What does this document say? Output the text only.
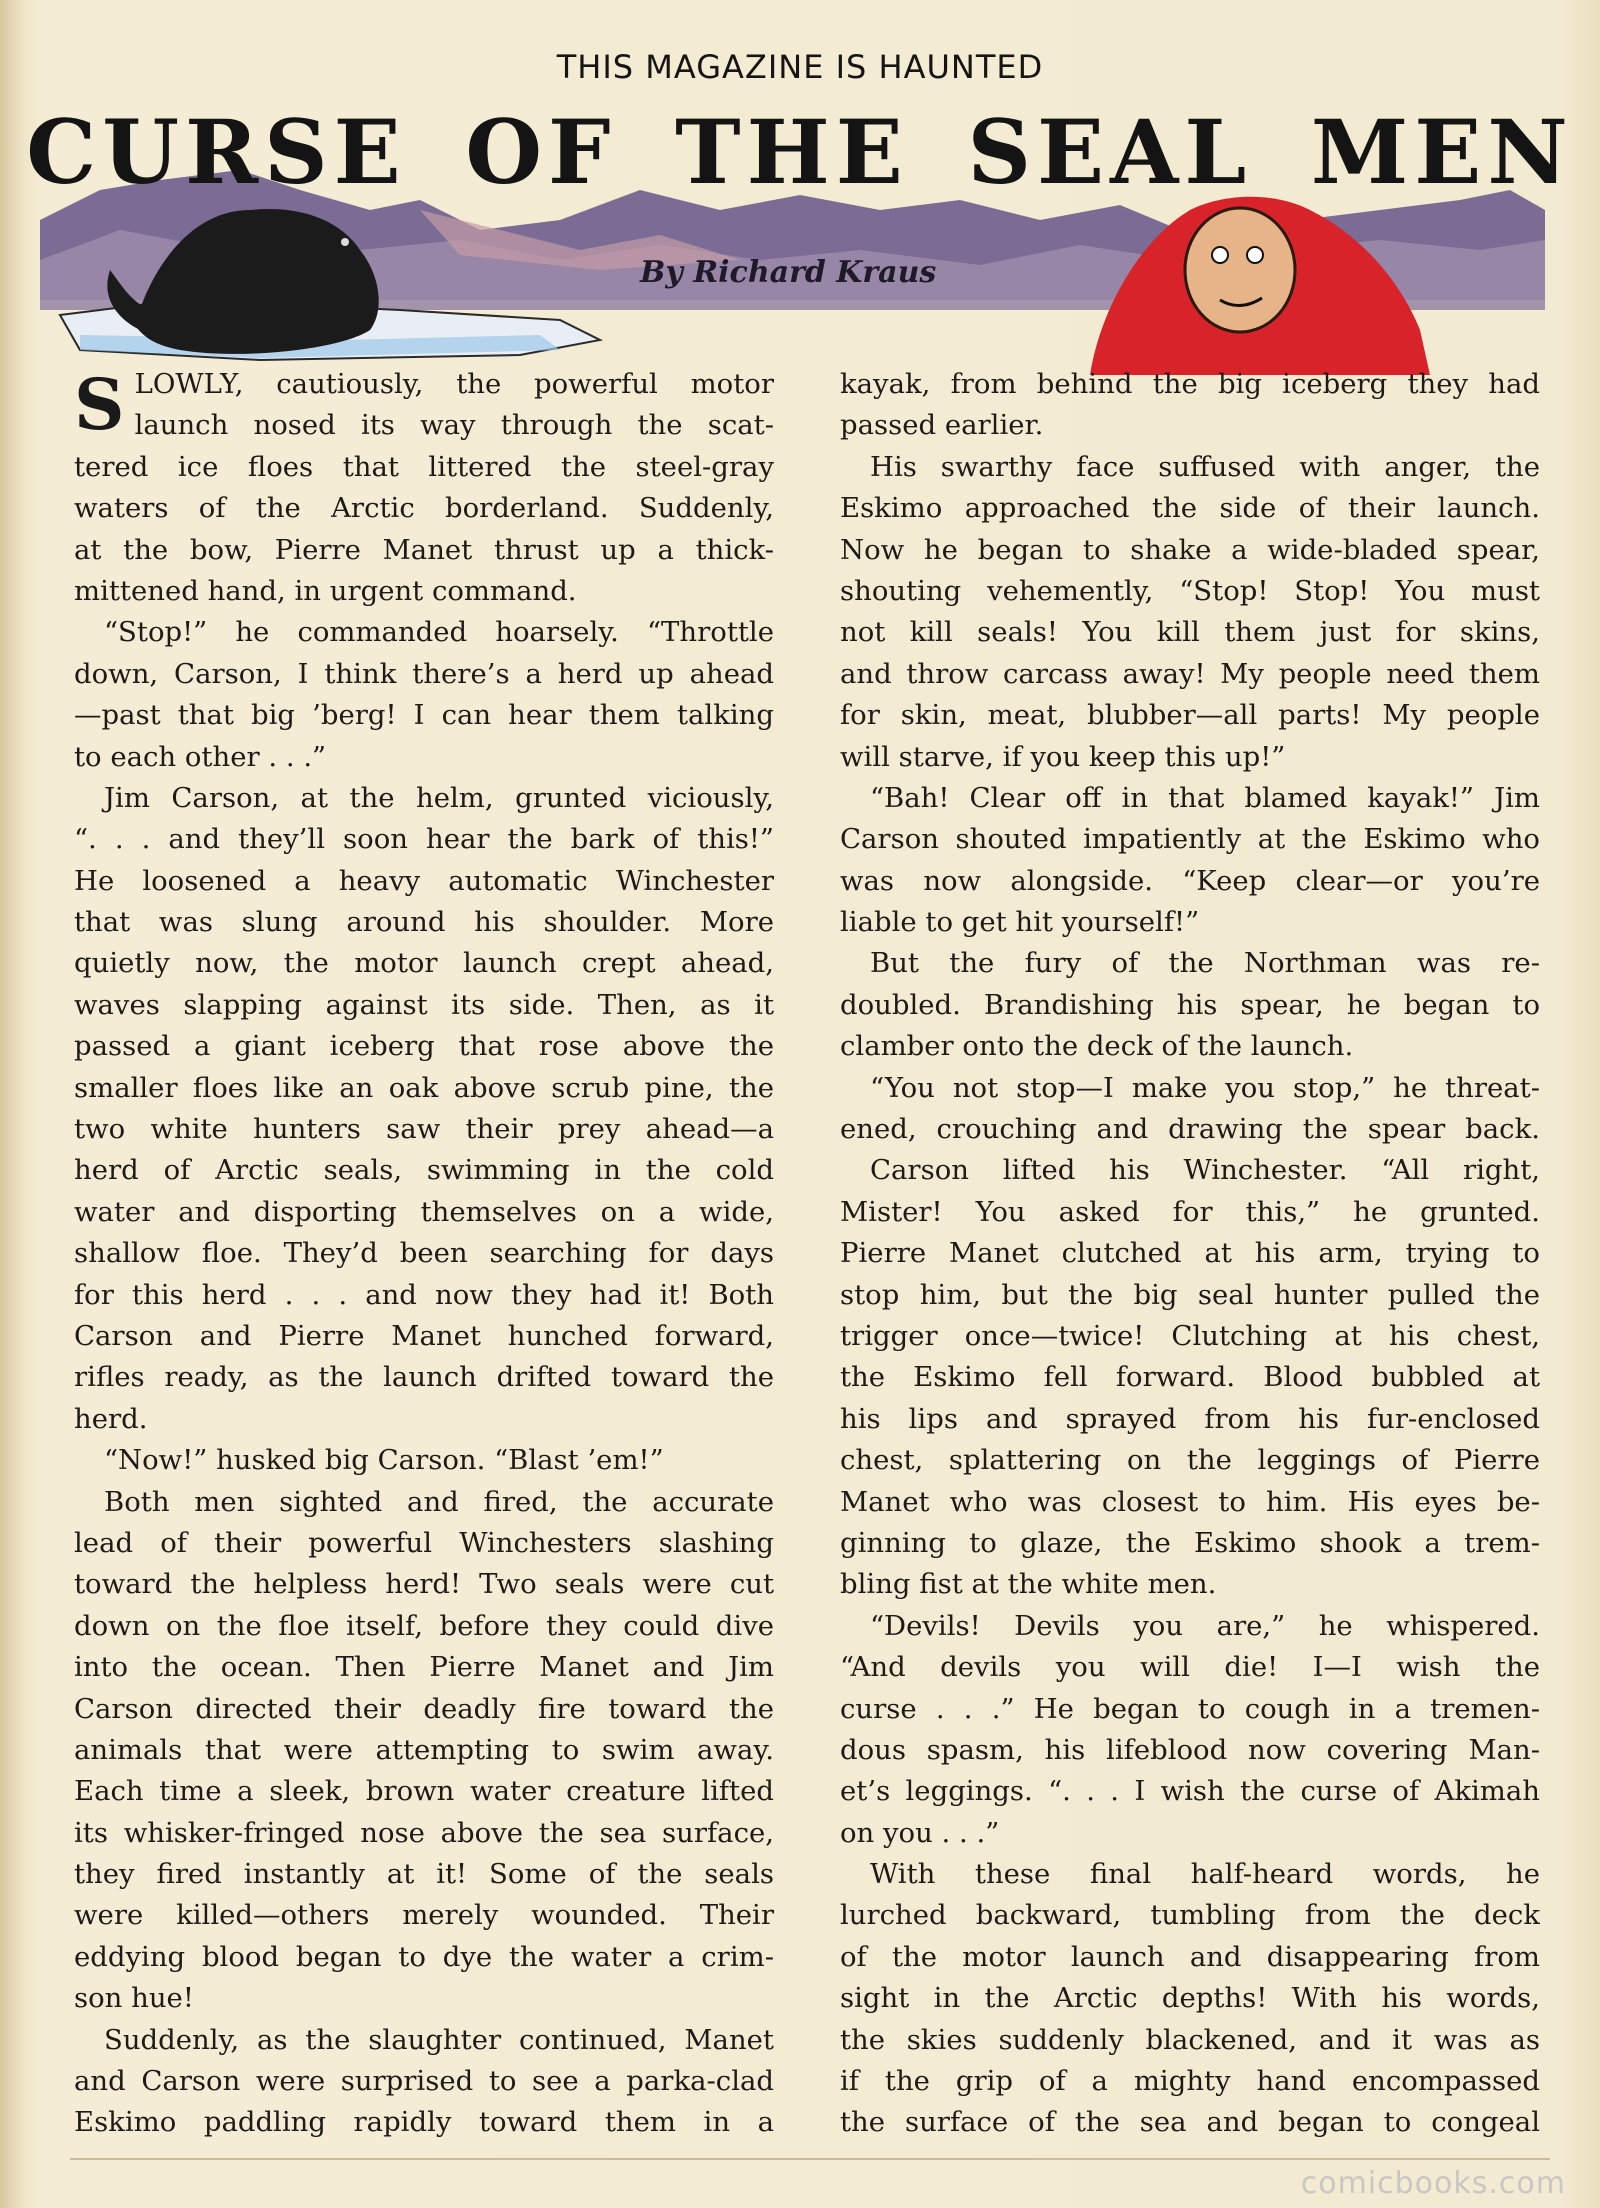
THIS MAGAZINE IS HAUNTED
CURSE OF THE SEAL MEN
By Richard Kraus
S LOWLY, cautiously, the powerful motor
launch nosed its way through the scat-
tered ice floes that littered the steel-gray
waters of the Arctic borderland. Suddenly,
at the bow, Pierre Manet thrust up a thick-
mittened hand, in urgent command.
“Stop!” he commanded hoarsely. “Throttle
down, Carson, I think there’s a herd up ahead
—past that big ’berg! I can hear them talking
to each other . . .”
Jim Carson, at the helm, grunted viciously,
“. . . and they’ll soon hear the bark of this!”
He loosened a heavy automatic Winchester
that was slung around his shoulder. More
quietly now, the motor launch crept ahead,
waves slapping against its side. Then, as it
passed a giant iceberg that rose above the
smaller floes like an oak above scrub pine, the
two white hunters saw their prey ahead—a
herd of Arctic seals, swimming in the cold
water and disporting themselves on a wide,
shallow floe. They’d been searching for days
for this herd . . . and now they had it! Both
Carson and Pierre Manet hunched forward,
rifles ready, as the launch drifted toward the
herd.
“Now!” husked big Carson. “Blast ’em!”
Both men sighted and fired, the accurate
lead of their powerful Winchesters slashing
toward the helpless herd! Two seals were cut
down on the floe itself, before they could dive
into the ocean. Then Pierre Manet and Jim
Carson directed their deadly fire toward the
animals that were attempting to swim away.
Each time a sleek, brown water creature lifted
its whisker-fringed nose above the sea surface,
they fired instantly at it! Some of the seals
were killed—others merely wounded. Their
eddying blood began to dye the water a crim-
son hue!
Suddenly, as the slaughter continued, Manet
and Carson were surprised to see a parka-clad
Eskimo paddling rapidly toward them in a
kayak, from behind the big iceberg they had
passed earlier.
His swarthy face suffused with anger, the
Eskimo approached the side of their launch.
Now he began to shake a wide-bladed spear,
shouting vehemently, “Stop! Stop! You must
not kill seals! You kill them just for skins,
and throw carcass away! My people need them
for skin, meat, blubber—all parts! My people
will starve, if you keep this up!”
“Bah! Clear off in that blamed kayak!” Jim
Carson shouted impatiently at the Eskimo who
was now alongside. “Keep clear—or you’re
liable to get hit yourself!”
But the fury of the Northman was re-
doubled. Brandishing his spear, he began to
clamber onto the deck of the launch.
“You not stop—I make you stop,” he threat-
ened, crouching and drawing the spear back.
Carson lifted his Winchester. “All right,
Mister! You asked for this,” he grunted.
Pierre Manet clutched at his arm, trying to
stop him, but the big seal hunter pulled the
trigger once—twice! Clutching at his chest,
the Eskimo fell forward. Blood bubbled at
his lips and sprayed from his fur-enclosed
chest, splattering on the leggings of Pierre
Manet who was closest to him. His eyes be-
ginning to glaze, the Eskimo shook a trem-
bling fist at the white men.
“Devils! Devils you are,” he whispered.
“And devils you will die! I—I wish the
curse . . .” He began to cough in a tremen-
dous spasm, his lifeblood now covering Man-
et’s leggings. “. . . I wish the curse of Akimah
on you . . .”
With these final half-heard words, he
lurched backward, tumbling from the deck
of the motor launch and disappearing from
sight in the Arctic depths! With his words,
the skies suddenly blackened, and it was as
if the grip of a mighty hand encompassed
the surface of the sea and began to congeal
comicbooks.com
